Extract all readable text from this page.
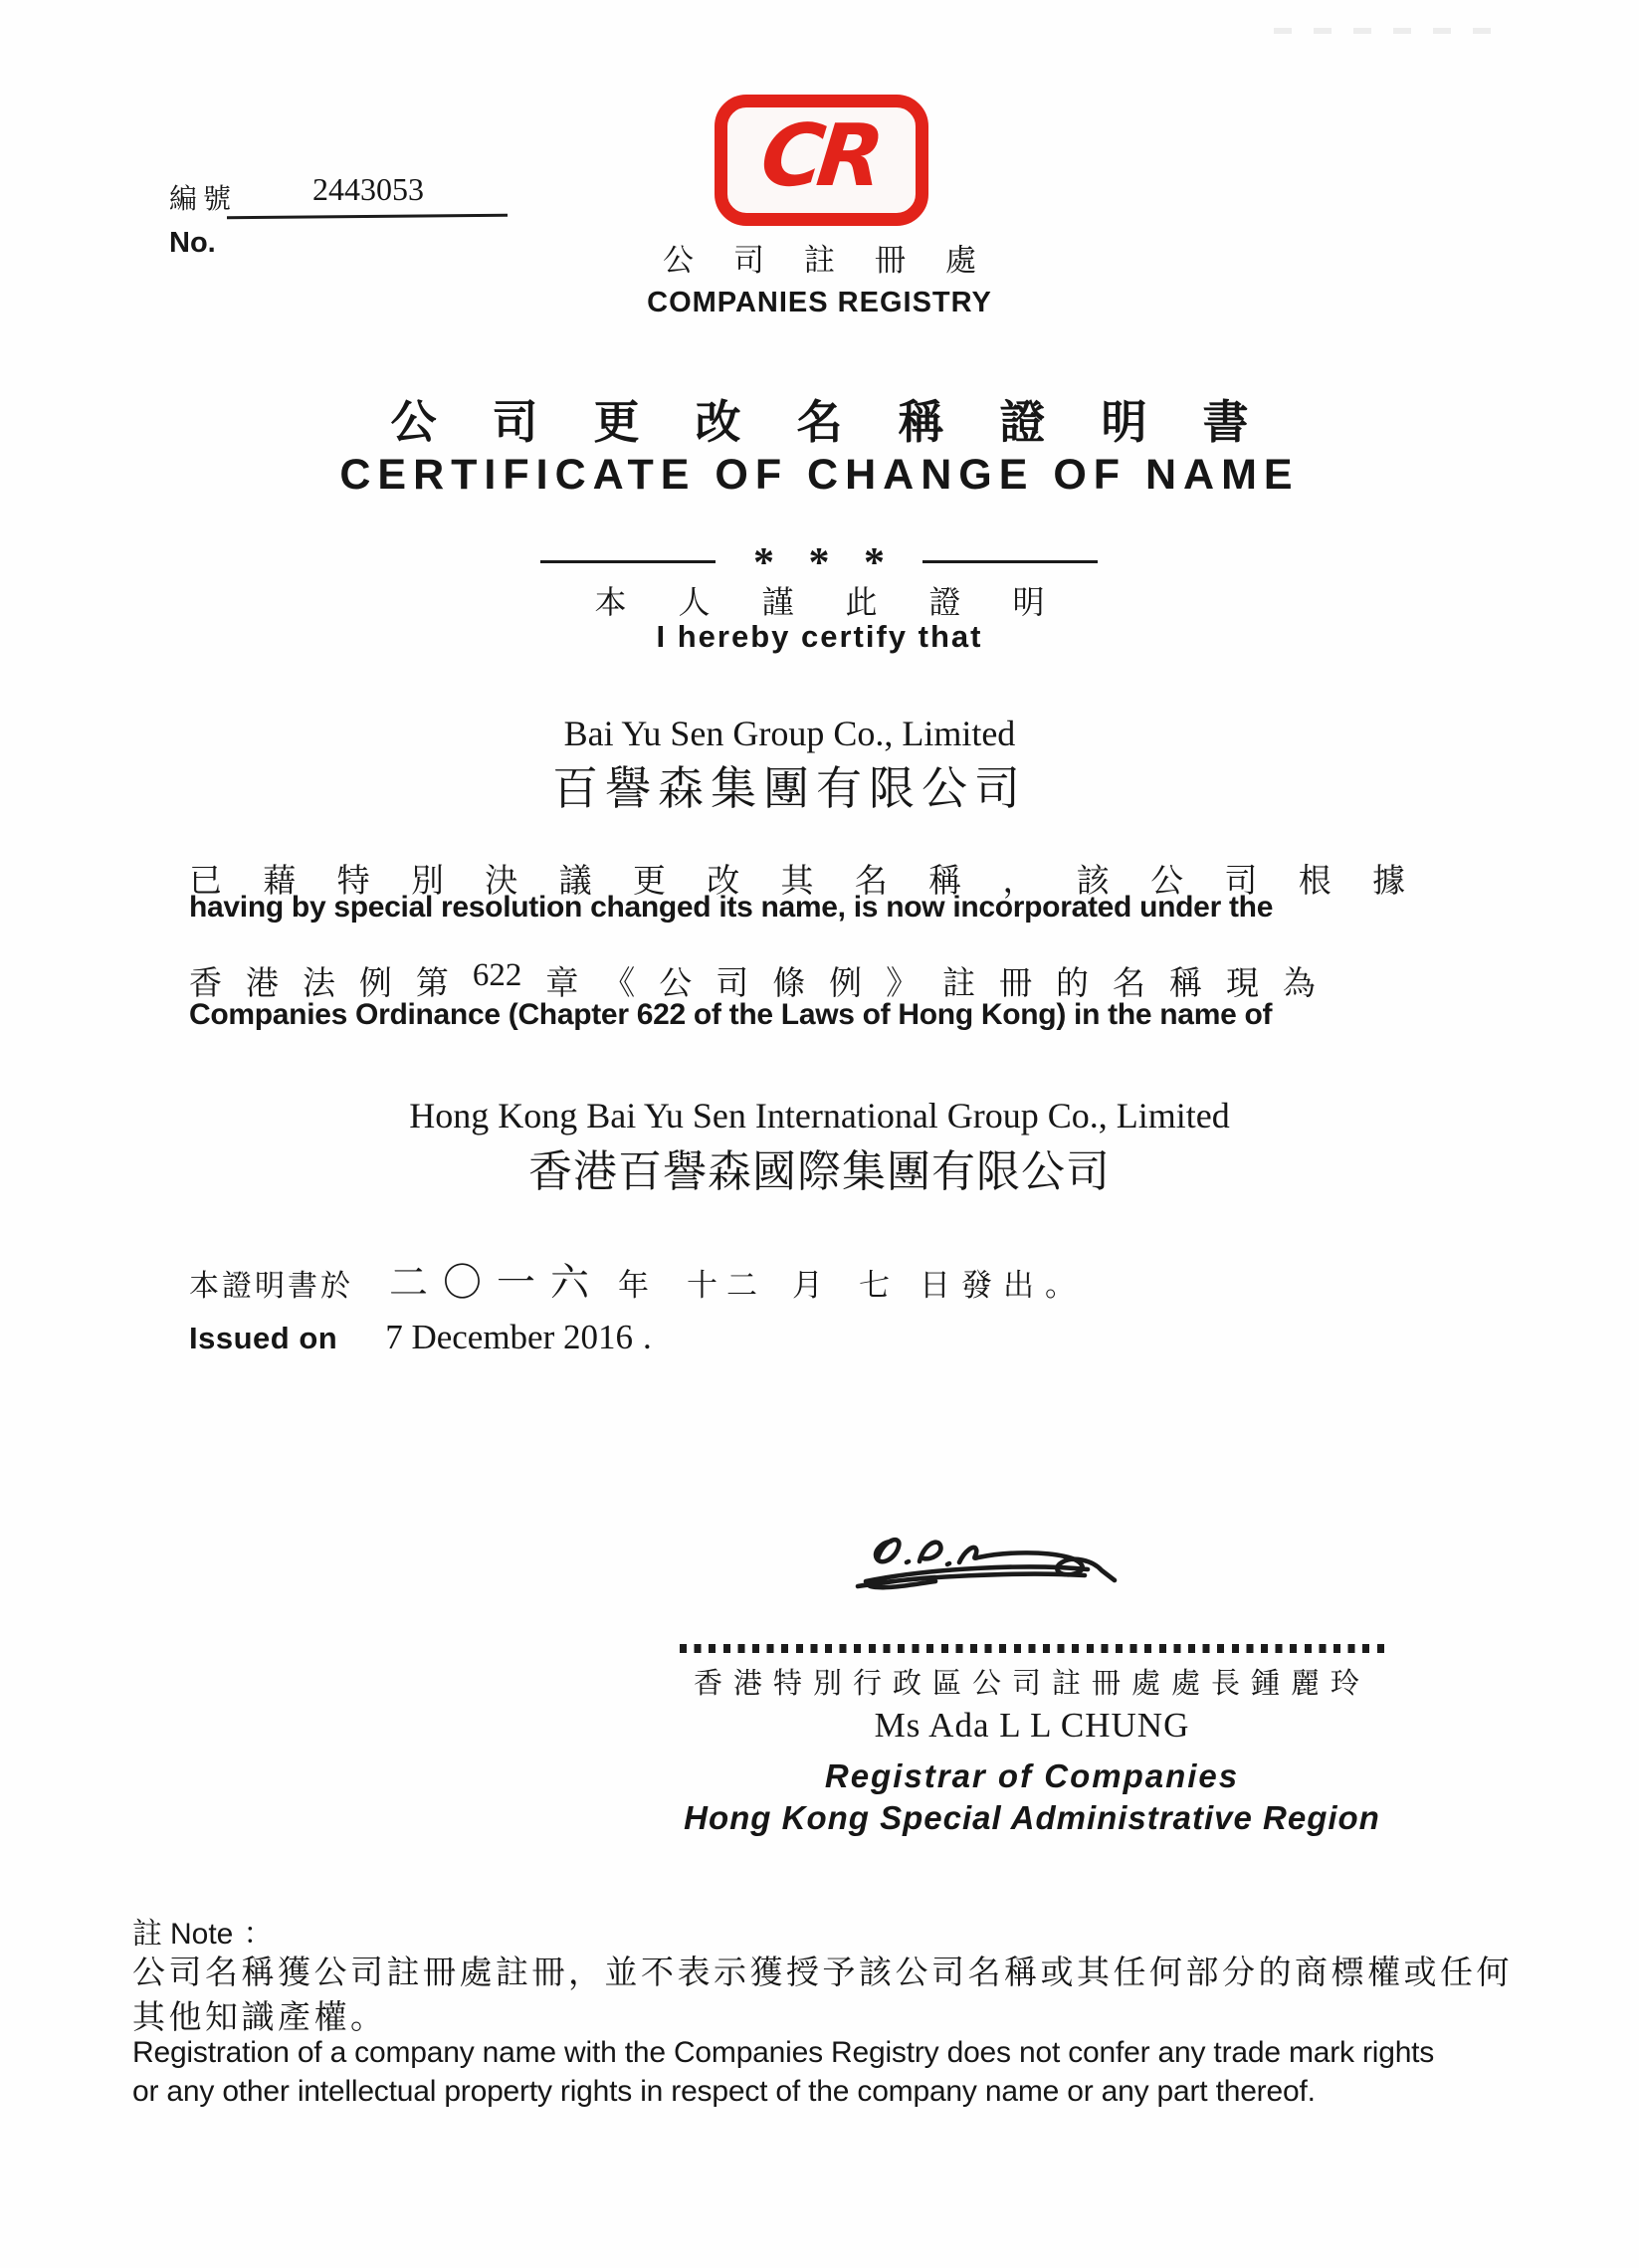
編號	2443053
No.
CR
公司註冊處
COMPANIES REGISTRY
公司更改名稱證明書
CERTIFICATE OF CHANGE OF NAME
* * *
本人謹此證明
I hereby certify that
Bai Yu Sen Group Co., Limited
百譽森集團有限公司
已 藉 特 別 決 議 更 改 其 名 稱 ， 該 公 司 根 據
having by special resolution changed its name, is now incorporated under the
香 港 法 例 第 622 章 《 公 司 條 例 》 註 冊 的 名 稱 現 為
Companies Ordinance (Chapter 622 of the Laws of Hong Kong) in the name of
Hong Kong Bai Yu Sen International Group Co., Limited
香港百譽森國際集團有限公司
本證明書於 二〇一六 年 十二 月 七 日發出。
Issued on 7 December 2016 .
香港特別行政區公司註冊處處長鍾麗玲
Ms Ada L L CHUNG
Registrar of Companies
Hong Kong Special Administrative Region
註 Note ：
公司名稱獲公司註冊處註冊，並不表示獲授予該公司名稱或其任何部分的商標權或任何
其他知識產權。
Registration of a company name with the Companies Registry does not confer any trade mark rights
or any other intellectual property rights in respect of the company name or any part thereof.
